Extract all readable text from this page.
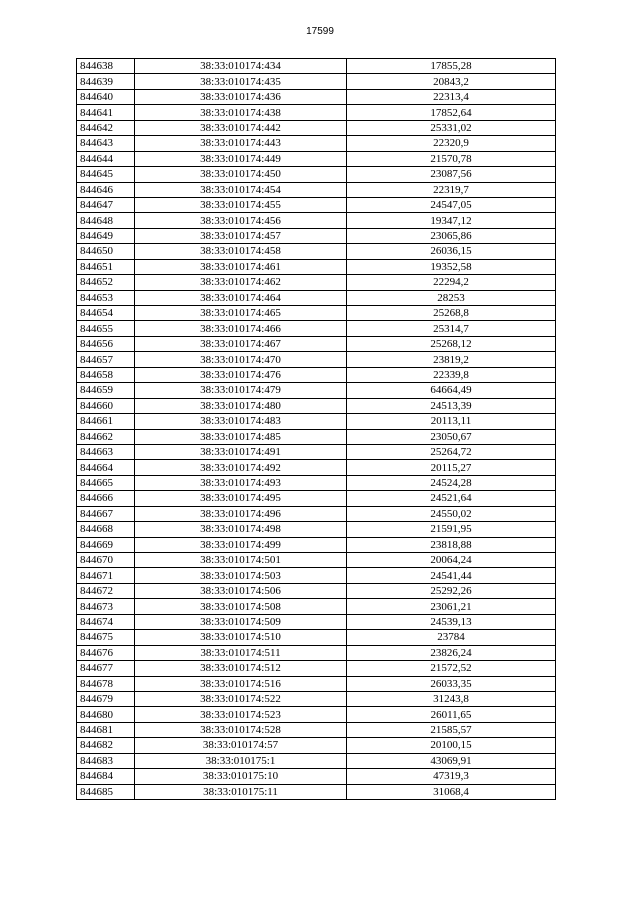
17599
844638	38:33:010174:434	17855,28
844639	38:33:010174:435	20843,2
844640	38:33:010174:436	22313,4
844641	38:33:010174:438	17852,64
844642	38:33:010174:442	25331,02
844643	38:33:010174:443	22320,9
844644	38:33:010174:449	21570,78
844645	38:33:010174:450	23087,56
844646	38:33:010174:454	22319,7
844647	38:33:010174:455	24547,05
844648	38:33:010174:456	19347,12
844649	38:33:010174:457	23065,86
844650	38:33:010174:458	26036,15
844651	38:33:010174:461	19352,58
844652	38:33:010174:462	22294,2
844653	38:33:010174:464	28253
844654	38:33:010174:465	25268,8
844655	38:33:010174:466	25314,7
844656	38:33:010174:467	25268,12
844657	38:33:010174:470	23819,2
844658	38:33:010174:476	22339,8
844659	38:33:010174:479	64664,49
844660	38:33:010174:480	24513,39
844661	38:33:010174:483	20113,11
844662	38:33:010174:485	23050,67
844663	38:33:010174:491	25264,72
844664	38:33:010174:492	20115,27
844665	38:33:010174:493	24524,28
844666	38:33:010174:495	24521,64
844667	38:33:010174:496	24550,02
844668	38:33:010174:498	21591,95
844669	38:33:010174:499	23818,88
844670	38:33:010174:501	20064,24
844671	38:33:010174:503	24541,44
844672	38:33:010174:506	25292,26
844673	38:33:010174:508	23061,21
844674	38:33:010174:509	24539,13
844675	38:33:010174:510	23784
844676	38:33:010174:511	23826,24
844677	38:33:010174:512	21572,52
844678	38:33:010174:516	26033,35
844679	38:33:010174:522	31243,8
844680	38:33:010174:523	26011,65
844681	38:33:010174:528	21585,57
844682	38:33:010174:57	20100,15
844683	38:33:010175:1	43069,91
844684	38:33:010175:10	47319,3
844685	38:33:010175:11	31068,4
